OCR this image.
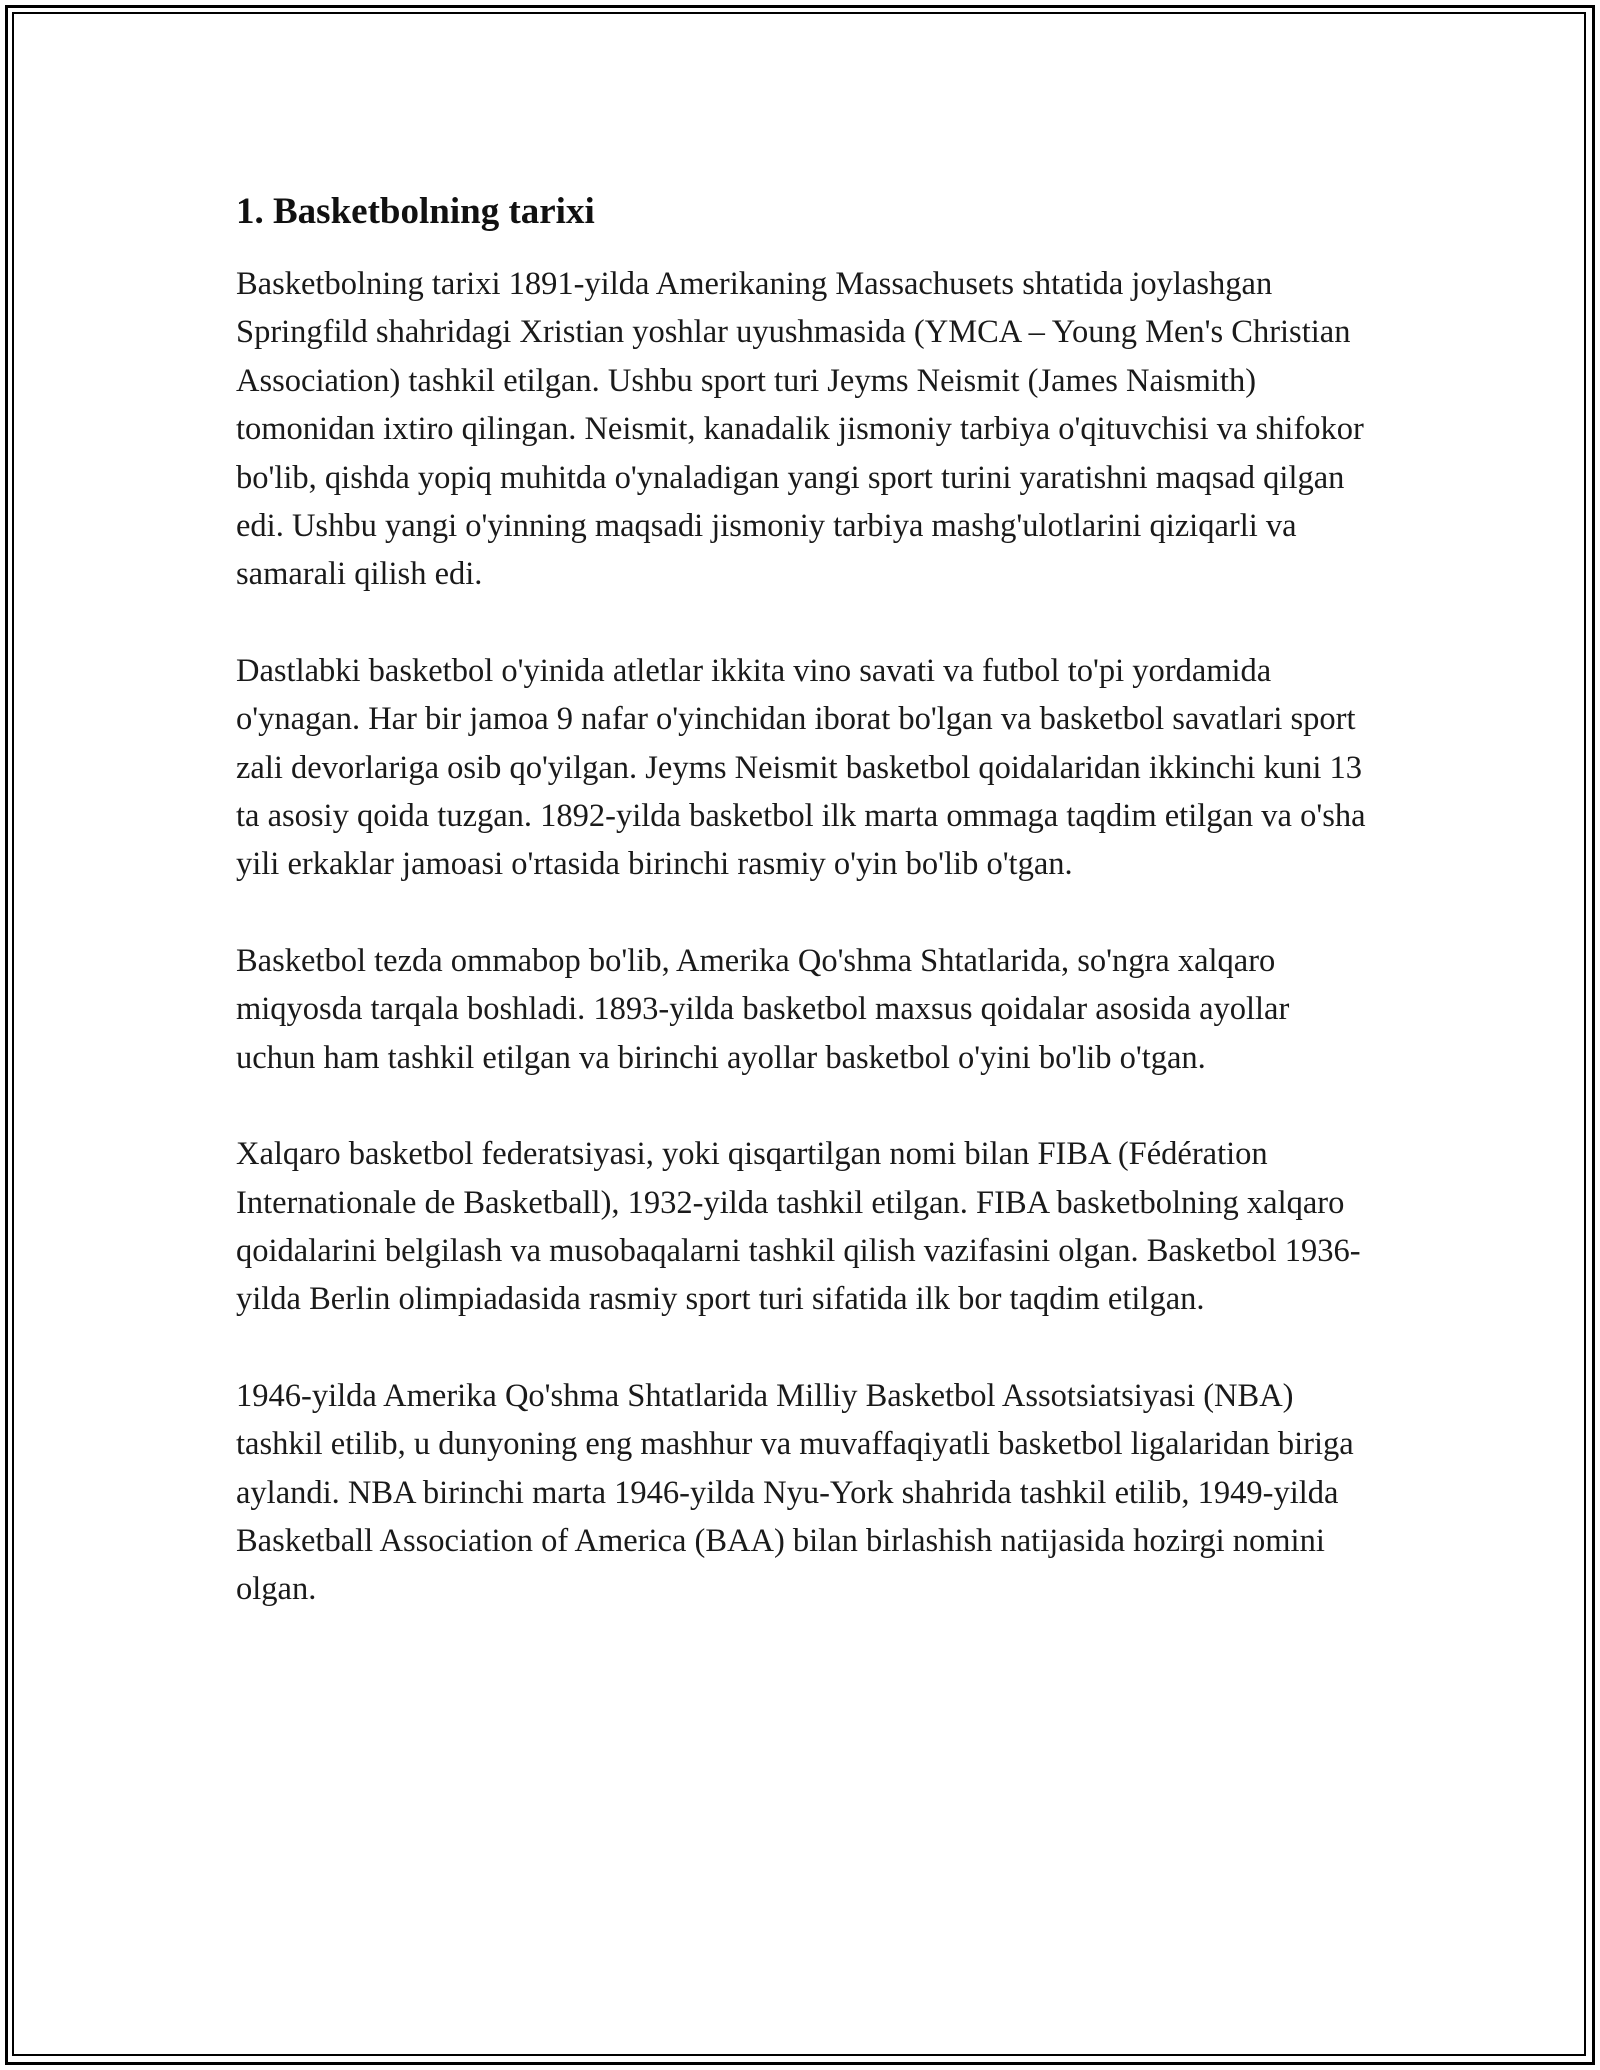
1. Basketbolning tarixi

Basketbolning tarixi 1891-yilda Amerikaning Massachusets shtatida joylashgan Springfild shahridagi Xristian yoshlar uyushmasida (YMCA – Young Men's Christian Association) tashkil etilgan. Ushbu sport turi Jeyms Neismit (James Naismith) tomonidan ixtiro qilingan. Neismit, kanadalik jismoniy tarbiya o'qituvchisi va shifokor bo'lib, qishda yopiq muhitda o'ynaladigan yangi sport turini yaratishni maqsad qilgan edi. Ushbu yangi o'yinning maqsadi jismoniy tarbiya mashg'ulotlarini qiziqarli va samarali qilish edi.

Dastlabki basketbol o'yinida atletlar ikkita vino savati va futbol to'pi yordamida o'ynagan. Har bir jamoa 9 nafar o'yinchidan iborat bo'lgan va basketbol savatlari sport zali devorlariga osib qo'yilgan. Jeyms Neismit basketbol qoidalaridan ikkinchi kuni 13 ta asosiy qoida tuzgan. 1892-yilda basketbol ilk marta ommaga taqdim etilgan va o'sha yili erkaklar jamoasi o'rtasida birinchi rasmiy o'yin bo'lib o'tgan.

Basketbol tezda ommabop bo'lib, Amerika Qo'shma Shtatlarida, so'ngra xalqaro miqyosda tarqala boshladi. 1893-yilda basketbol maxsus qoidalar asosida ayollar uchun ham tashkil etilgan va birinchi ayollar basketbol o'yini bo'lib o'tgan.

Xalqaro basketbol federatsiyasi, yoki qisqartilgan nomi bilan FIBA (Fédération Internationale de Basketball), 1932-yilda tashkil etilgan. FIBA basketbolning xalqaro qoidalarini belgilash va musobaqalarni tashkil qilish vazifasini olgan. Basketbol 1936-yilda Berlin olimpiadasida rasmiy sport turi sifatida ilk bor taqdim etilgan.

1946-yilda Amerika Qo'shma Shtatlarida Milliy Basketbol Assotsiatsiyasi (NBA) tashkil etilib, u dunyoning eng mashhur va muvaffaqiyatli basketbol ligalaridan biriga aylandi. NBA birinchi marta 1946-yilda Nyu-York shahrida tashkil etilib, 1949-yilda Basketball Association of America (BAA) bilan birlashish natijasida hozirgi nomini olgan.
